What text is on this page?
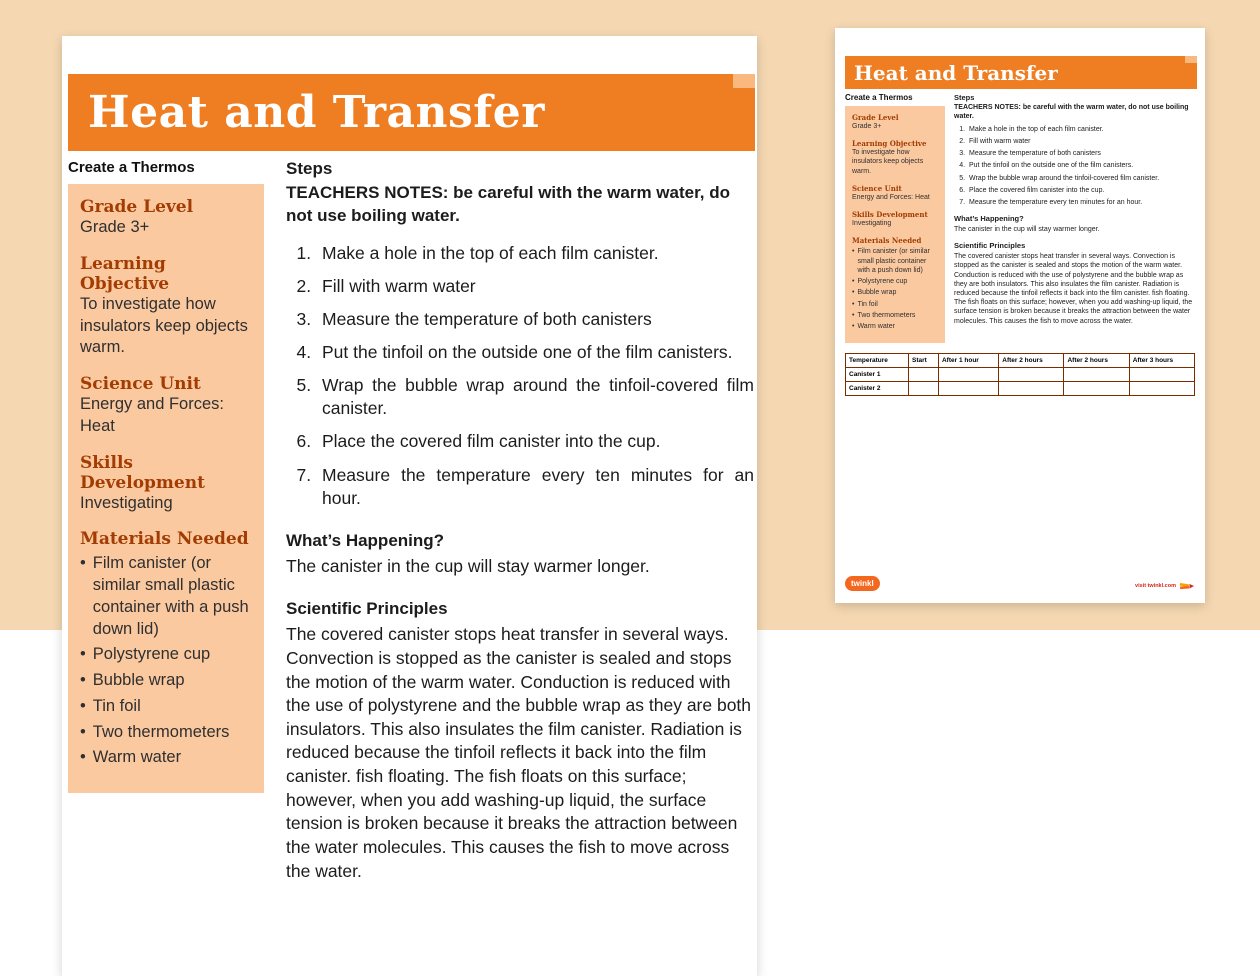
Heat and Transfer
Create a Thermos
Grade Level
Grade 3+
Learning Objective
To investigate how insulators keep objects warm.
Science Unit
Energy and Forces: Heat
Skills Development
Investigating
Materials Needed
• Film canister (or similar small plastic container with a push down lid)
• Polystyrene cup
• Bubble wrap
• Tin foil
• Two thermometers
• Warm water
Steps
TEACHERS NOTES: be careful with the warm water, do not use boiling water.
1. Make a hole in the top of each film canister.
2. Fill with warm water
3. Measure the temperature of both canisters
4. Put the tinfoil on the outside one of the film canisters.
5. Wrap the bubble wrap around the tinfoil-covered film canister.
6. Place the covered film canister into the cup.
7. Measure the temperature every ten minutes for an hour.
What’s Happening?
The canister in the cup will stay warmer longer.
Scientific Principles
The covered canister stops heat transfer in several ways. Convection is stopped as the canister is sealed and stops the motion of the warm water. Conduction is reduced with the use of polystyrene and the bubble wrap as they are both insulators. This also insulates the film canister. Radiation is reduced because the tinfoil reflects it back into the film canister. fish floating. The fish floats on this surface; however, when you add washing-up liquid, the surface tension is broken because it breaks the attraction between the water molecules. This causes the fish to move across the water.
Heat and Transfer
Create a Thermos
Grade Level
Grade 3+
Learning Objective
To investigate how insulators keep objects warm.
Science Unit
Energy and Forces: Heat
Skills Development
Investigating
Materials Needed
• Film canister (or similar small plastic container with a push down lid)
• Polystyrene cup
• Bubble wrap
• Tin foil
• Two thermometers
• Warm water
Steps
TEACHERS NOTES: be careful with the warm water, do not use boiling water.
1. Make a hole in the top of each film canister.
2. Fill with warm water
3. Measure the temperature of both canisters
4. Put the tinfoil on the outside one of the film canisters.
5. Wrap the bubble wrap around the tinfoil-covered film canister.
6. Place the covered film canister into the cup.
7. Measure the temperature every ten minutes for an hour.
What’s Happening?
The canister in the cup will stay warmer longer.
Scientific Principles
The covered canister stops heat transfer in several ways. Convection is stopped as the canister is sealed and stops the motion of the warm water. Conduction is reduced with the use of polystyrene and the bubble wrap as they are both insulators. This also insulates the film canister. Radiation is reduced because the tinfoil reflects it back into the film canister. fish floating. The fish floats on this surface; however, when you add washing-up liquid, the surface tension is broken because it breaks the attraction between the water molecules. This causes the fish to move across the water.
Temperature	Start	After 1 hour	After 2 hours	After 2 hours	After 3 hours
Canister 1					
Canister 2					
twinkl	visit twinkl.com
